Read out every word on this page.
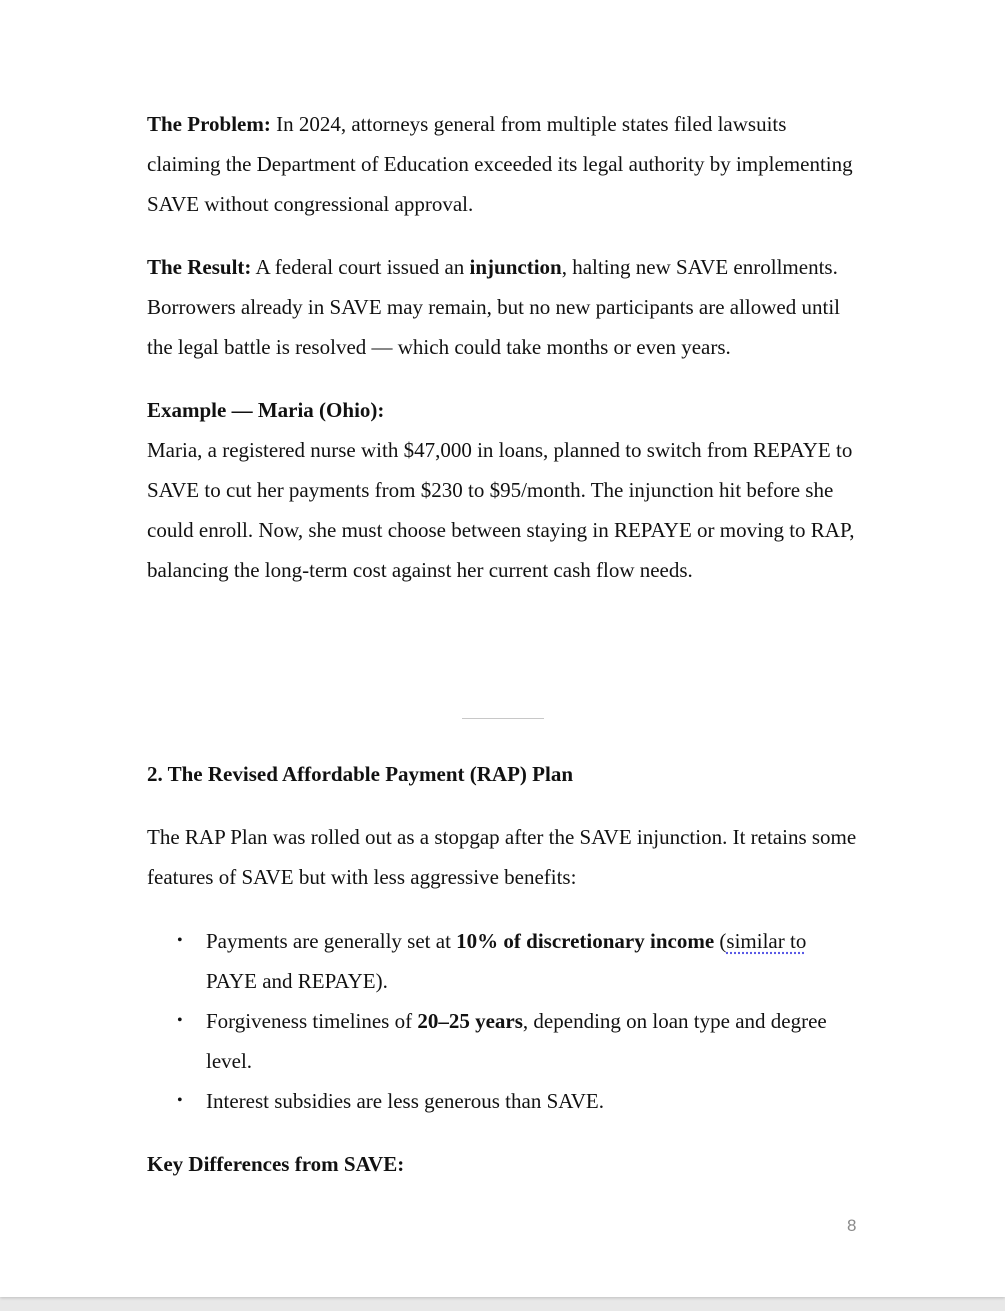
The Problem: In 2024, attorneys general from multiple states filed lawsuits claiming the Department of Education exceeded its legal authority by implementing SAVE without congressional approval.

The Result: A federal court issued an injunction, halting new SAVE enrollments. Borrowers already in SAVE may remain, but no new participants are allowed until the legal battle is resolved — which could take months or even years.

Example — Maria (Ohio):

Maria, a registered nurse with $47,000 in loans, planned to switch from REPAYE to SAVE to cut her payments from $230 to $95/month. The injunction hit before she could enroll. Now, she must choose between staying in REPAYE or moving to RAP, balancing the long-term cost against her current cash flow needs.

2. The Revised Affordable Payment (RAP) Plan

The RAP Plan was rolled out as a stopgap after the SAVE injunction. It retains some features of SAVE but with less aggressive benefits:

• Payments are generally set at 10% of discretionary income (similar to PAYE and REPAYE).
• Forgiveness timelines of 20–25 years, depending on loan type and degree level.
• Interest subsidies are less generous than SAVE.
Key Differences from SAVE:
8
